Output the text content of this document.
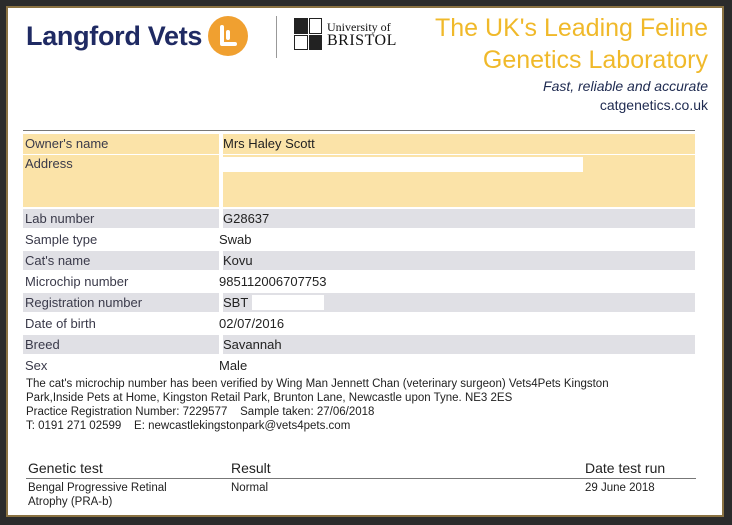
Langford Vets	University of
BRISTOL The UK's Leading Feline
Genetics Laboratory
Fast, reliable and accurate
catgenetics.co.uk
Owner's name	Mrs Haley Scott
Address
Lab number	G28637
Sample type	Swab
Cat's name	Kovu
Microchip number	985112006707753
Registration number	SBT
Date of birth	02/07/2016
Breed	Savannah
Sex	Male

The cat's microchip number has been verified by Wing Man Jennett Chan (veterinary surgeon) Vets4Pets Kingston

Park,Inside Pets at Home, Kingston Retail Park, Brunton Lane, Newcastle upon Tyne. NE3 2ES

Practice Registration Number: 7229577    Sample taken: 27/06/2018

T: 0191 271 02599    E: newcastlekingstonpark@vets4pets.com

Genetic test	Result	Date test run
Bengal Progressive Retinal
Atrophy (PRA-b)
Normal	29 June 2018
